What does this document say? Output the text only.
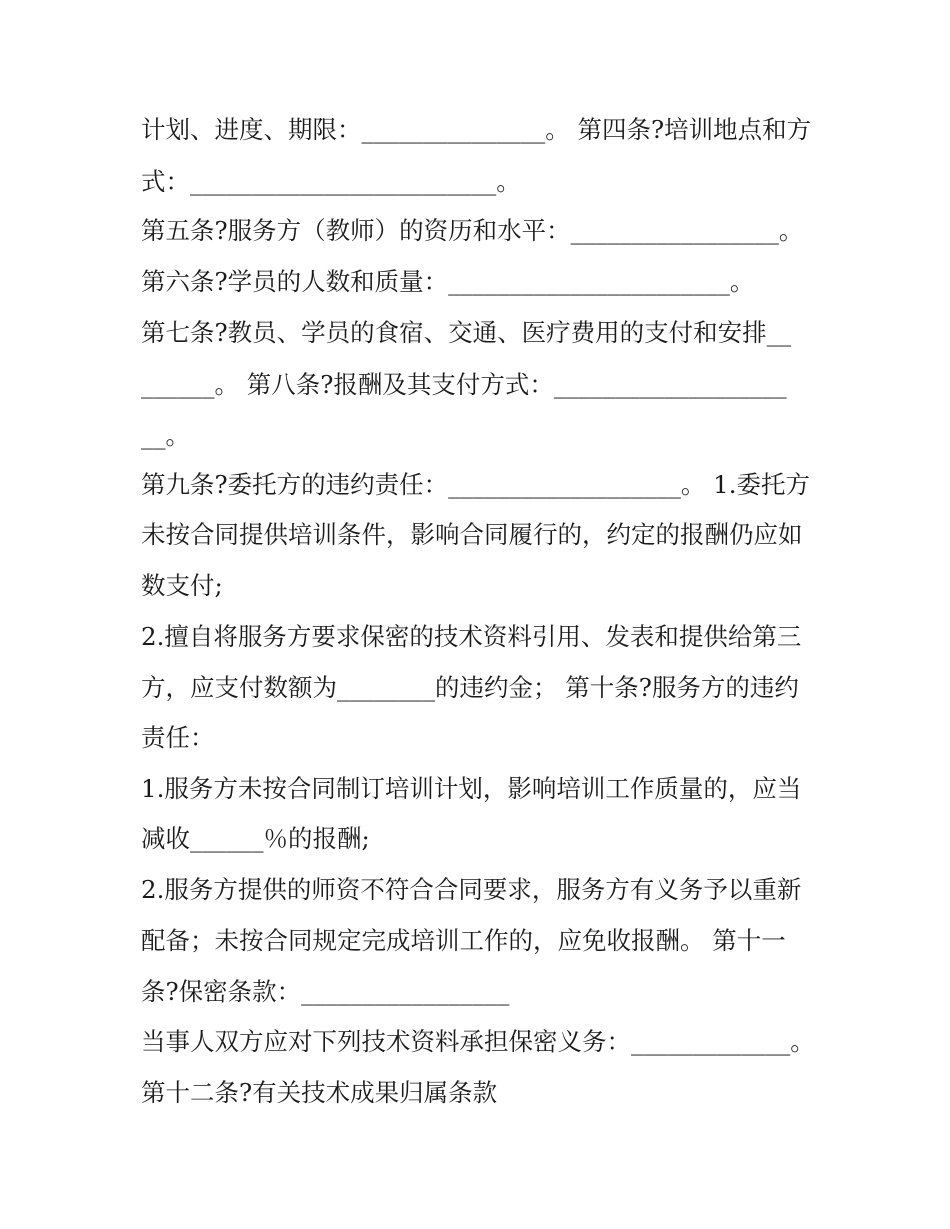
计划、进度、期限：_______________。 第四条?培训地点和方
式：_________________________。
第五条?服务方（教师）的资历和水平：_________________。
第六条?学员的人数和质量：_______________________。
第七条?教员、学员的食宿、交通、医疗费用的支付和安排__
______。 第八条?报酬及其支付方式：___________________
__。
第九条?委托方的违约责任：___________________。 1.委托方
未按合同提供培训条件，影响合同履行的，约定的报酬仍应如
数支付;
2.擅自将服务方要求保密的技术资料引用、发表和提供给第三
方，应支付数额为________的违约金； 第十条?服务方的违约
责任：
1.服务方未按合同制订培训计划，影响培训工作质量的，应当
减收______％的报酬;
2.服务方提供的师资不符合合同要求，服务方有义务予以重新
配备；未按合同规定完成培训工作的，应免收报酬。 第十一
条?保密条款：_________________
当事人双方应对下列技术资料承担保密义务：_____________。
第十二条?有关技术成果归属条款
